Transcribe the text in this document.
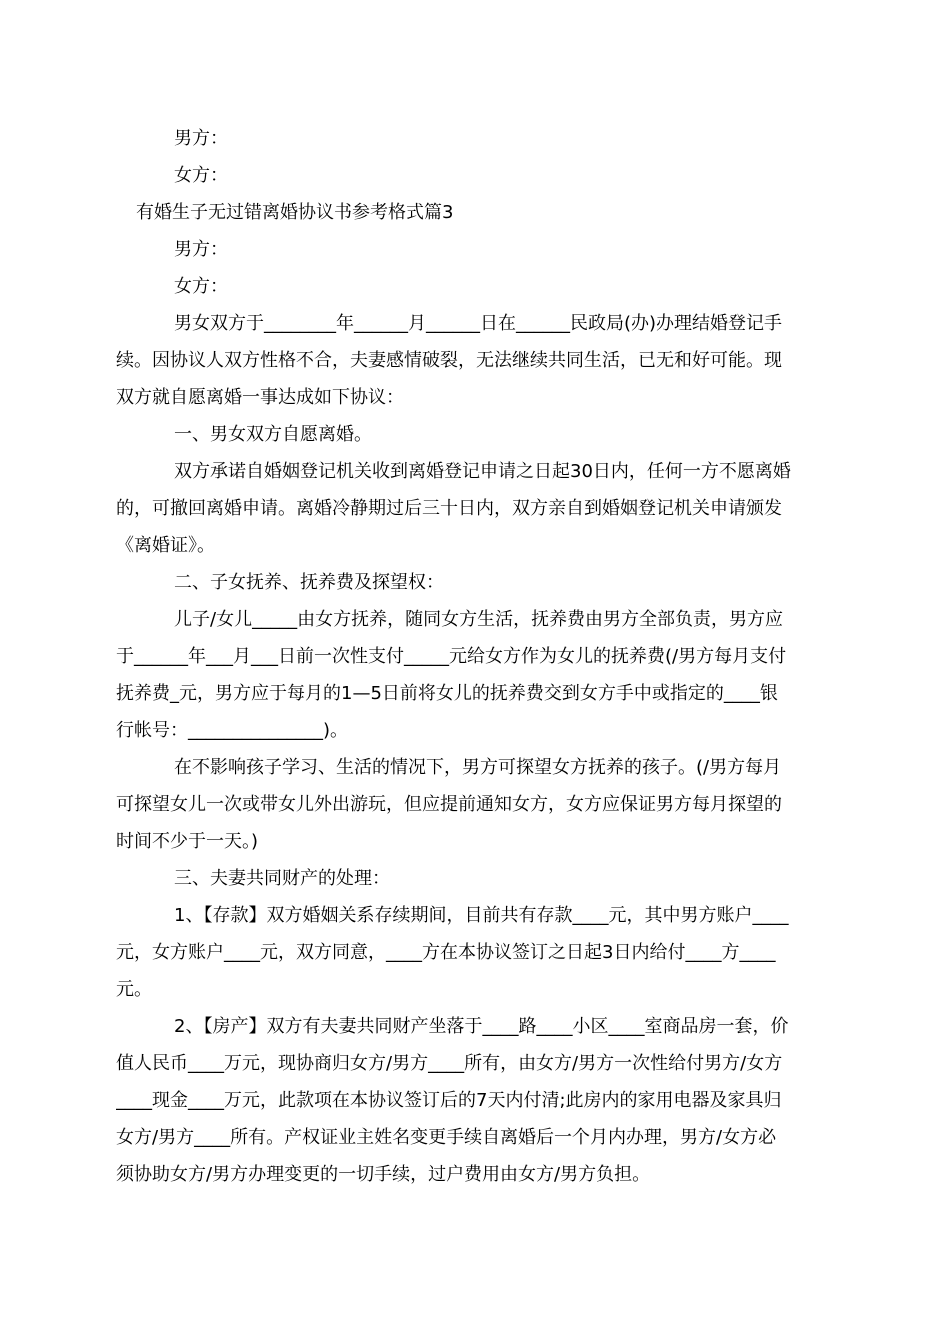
男方：
女方：
有婚生子无过错离婚协议书参考格式篇3
男方：
女方：
男女双方于________年______月______日在______民政局(办)办理结婚登记手
续。因协议人双方性格不合，夫妻感情破裂，无法继续共同生活，已无和好可能。现
双方就自愿离婚一事达成如下协议：
一、男女双方自愿离婚。
双方承诺自婚姻登记机关收到离婚登记申请之日起30日内，任何一方不愿离婚
的，可撤回离婚申请。离婚冷静期过后三十日内，双方亲自到婚姻登记机关申请颁发
《离婚证》。
二、子女抚养、抚养费及探望权：
儿子/女儿_____由女方抚养，随同女方生活，抚养费由男方全部负责，男方应
于______年___月___日前一次性支付_____元给女方作为女儿的抚养费(/男方每月支付
抚养费_元，男方应于每月的1—5日前将女儿的抚养费交到女方手中或指定的____银
行帐号：_______________)。
在不影响孩子学习、生活的情况下，男方可探望女方抚养的孩子。(/男方每月
可探望女儿一次或带女儿外出游玩，但应提前通知女方，女方应保证男方每月探望的
时间不少于一天。)
三、夫妻共同财产的处理：
1、【存款】双方婚姻关系存续期间，目前共有存款____元，其中男方账户____
元，女方账户____元，双方同意，____方在本协议签订之日起3日内给付____方____
元。
2、【房产】双方有夫妻共同财产坐落于____路____小区____室商品房一套，价
值人民币____万元，现协商归女方/男方____所有，由女方/男方一次性给付男方/女方
____现金____万元，此款项在本协议签订后的7天内付清;此房内的家用电器及家具归
女方/男方____所有。产权证业主姓名变更手续自离婚后一个月内办理，男方/女方必
须协助女方/男方办理变更的一切手续，过户费用由女方/男方负担。
